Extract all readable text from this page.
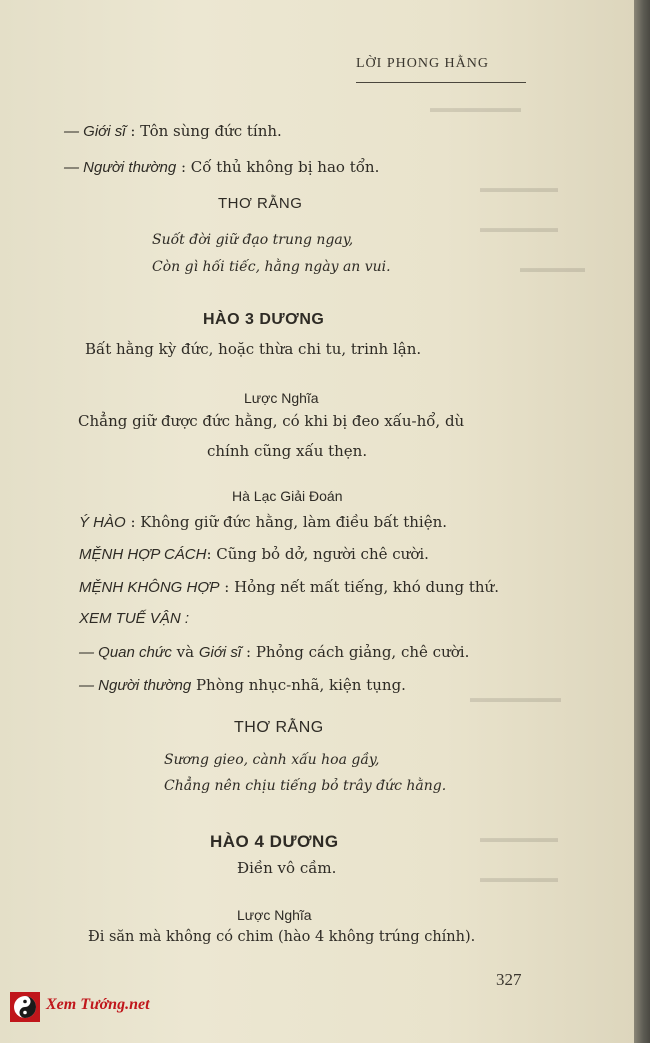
▬▬▬▬▬▬▬
▬▬▬▬▬▬
▬▬▬▬▬▬
▬▬▬▬▬
▬▬▬▬▬▬▬
▬▬▬▬▬▬
▬▬▬▬▬▬
LỜI PHONG HẰNG
— Giới sĩ : Tôn sùng đức tính.
— Người thường : Cố thủ không bị hao tổn.
THƠ RẰNG
Suốt đời giữ đạo trung ngay,
Còn gì hối tiếc, hằng ngày an vui.
HÀO 3 DƯƠNG
Bất hằng kỳ đức, hoặc thừa chi tu, trinh lận.
Lược Nghĩa
Chẳng giữ được đức hằng, có khi bị đeo xấu-hổ, dù
chính cũng xấu thẹn.
Hà Lạc Giải Đoán
Ý HÀO : Không giữ đức hằng, làm điều bất thiện.
MỆNH HỢP CÁCH: Cũng bỏ dở, người chê cười.
MỆNH KHÔNG HỢP : Hỏng nết mất tiếng, khó dung thứ.
XEM TUẾ VẬN :
— Quan chức và Giới sĩ : Phỏng cách giảng, chê cười.
— Người thường Phòng nhục-nhã, kiện tụng.
THƠ RẰNG
Sương gieo, cành xấu hoa gầy,
Chẳng nên chịu tiếng bỏ trây đức hằng.
HÀO 4 DƯƠNG
Điền vô cầm.
Lược Nghĩa
Đi săn mà không có chim (hào 4 không trúng chính).
327
Xem Tướng.net
